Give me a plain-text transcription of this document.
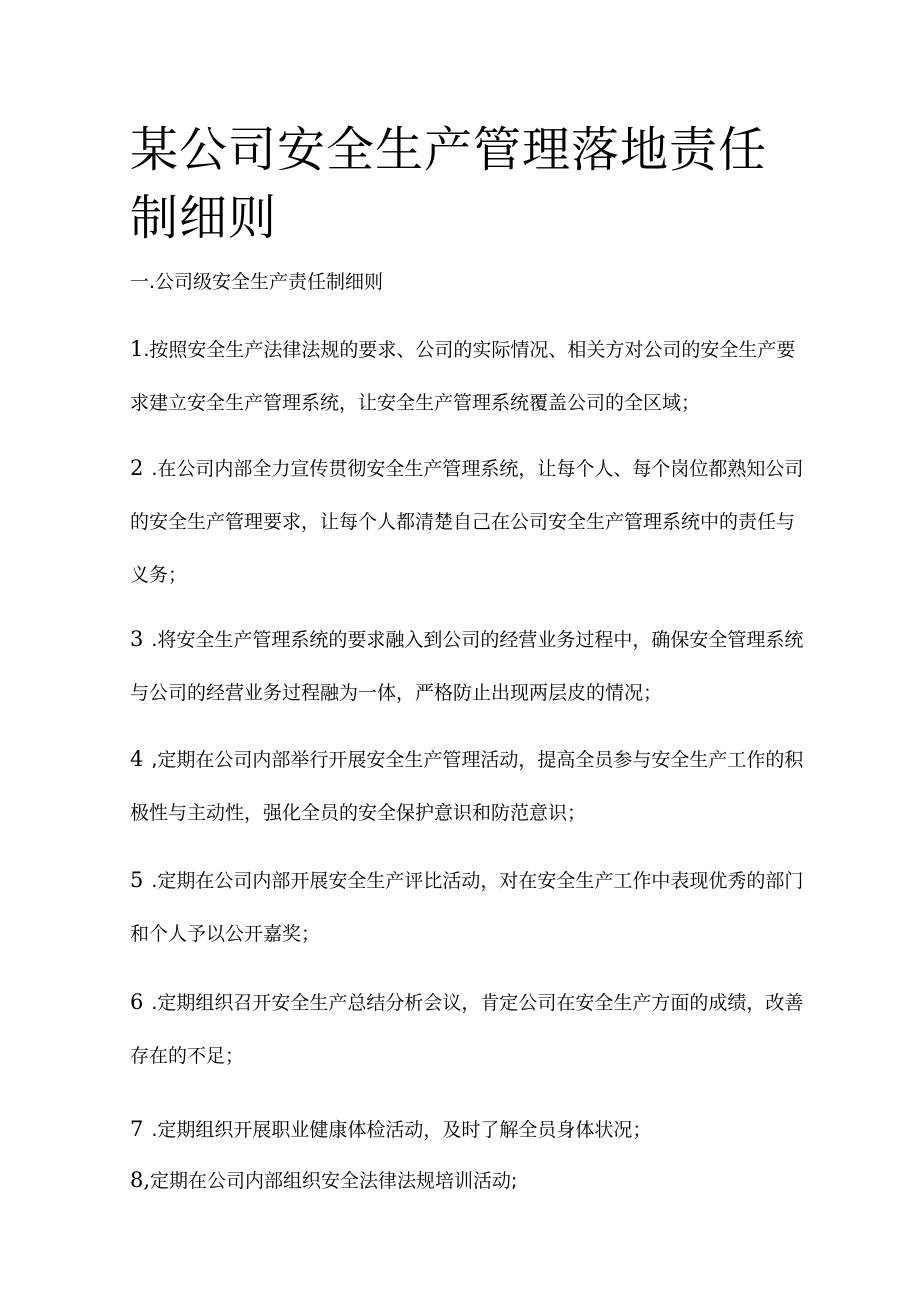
某公司安全生产管理落地责任制细则
一.公司级安全生产责任制细则

1.按照安全生产法律法规的要求、公司的实际情况、相关方对公司的安全生产要求建立安全生产管理系统，让安全生产管理系统覆盖公司的全区域；

2 .在公司内部全力宣传贯彻安全生产管理系统，让每个人、每个岗位都熟知公司的安全生产管理要求，让每个人都清楚自己在公司安全生产管理系统中的责任与义务；

3 .将安全生产管理系统的要求融入到公司的经营业务过程中，确保安全管理系统与公司的经营业务过程融为一体，严格防止出现两层皮的情况；

4 ,定期在公司内部举行开展安全生产管理活动，提高全员参与安全生产工作的积极性与主动性，强化全员的安全保护意识和防范意识；

5 .定期在公司内部开展安全生产评比活动，对在安全生产工作中表现优秀的部门和个人予以公开嘉奖；

6 .定期组织召开安全生产总结分析会议，肯定公司在安全生产方面的成绩，改善存在的不足；

7 .定期组织开展职业健康体检活动，及时了解全员身体状况；

8,定期在公司内部组织安全法律法规培训活动;
